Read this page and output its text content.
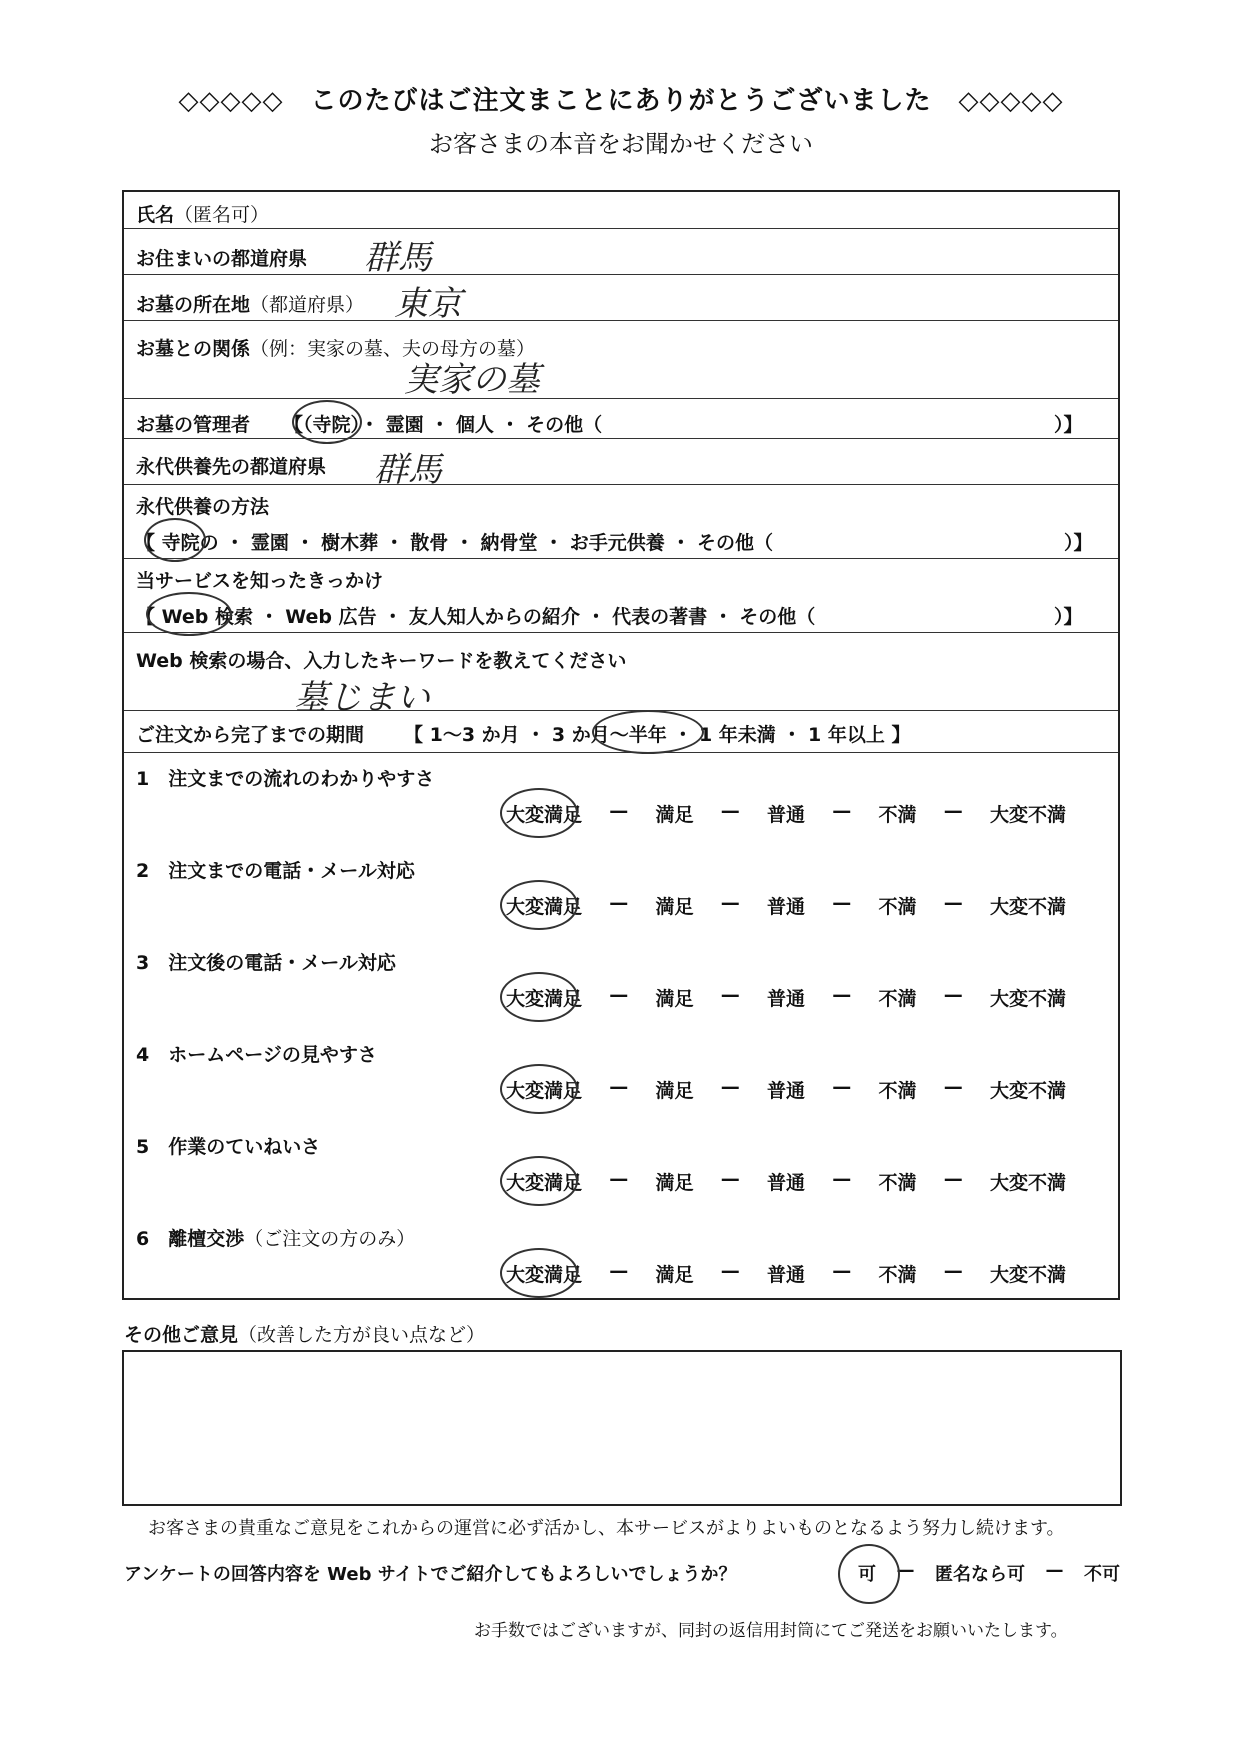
◇◇◇◇◇　このたびはご注文まことにありがとうございました　◇◇◇◇◇
お客さまの本音をお聞かせください
氏名（匿名可）
お住まいの都道府県 群馬
お墓の所在地（都道府県） 東京
お墓との関係（例：実家の墓、夫の母方の墓）
実家の墓
お墓の管理者 【（寺院）・ 霊園 ・ 個人 ・ その他（	）】
永代供養先の都道府県 群馬
永代供養の方法
【 寺院の ・ 霊園 ・ 樹木葬 ・ 散骨 ・ 納骨堂 ・ お手元供養 ・ その他（	）】
当サービスを知ったきっかけ
【 Web 検索 ・ Web 広告 ・ 友人知人からの紹介 ・ 代表の著書 ・ その他（	）】
Web 検索の場合、入力したキーワードを教えてください
墓じまい
ご注文から完了までの期間 【 1～3 か月 ・ 3 か月～半年 ・ 1 年未満 ・ 1 年以上 】
1　 注文までの流れのわかりやすさ
大変満足 — 満足 — 普通 — 不満 — 大変不満
2　 注文までの電話・メール対応
大変満足 — 満足 — 普通 — 不満 — 大変不満
3　 注文後の電話・メール対応
大変満足 — 満足 — 普通 — 不満 — 大変不満
4　 ホームページの見やすさ
大変満足 — 満足 — 普通 — 不満 — 大変不満
5　 作業のていねいさ
大変満足 — 満足 — 普通 — 不満 — 大変不満
6　 離檀交渉（ご注文の方のみ）
大変満足 — 満足 — 普通 — 不満 — 大変不満
その他ご意見（改善した方が良い点など）
お客さまの貴重なご意見をこれからの運営に必ず活かし、本サービスがよりよいものとなるよう努力し続けます。
アンケートの回答内容を Web サイトでご紹介してもよろしいでしょうか？	可 — 匿名なら可 — 不可
お手数ではございますが、同封の返信用封筒にてご発送をお願いいたします。
